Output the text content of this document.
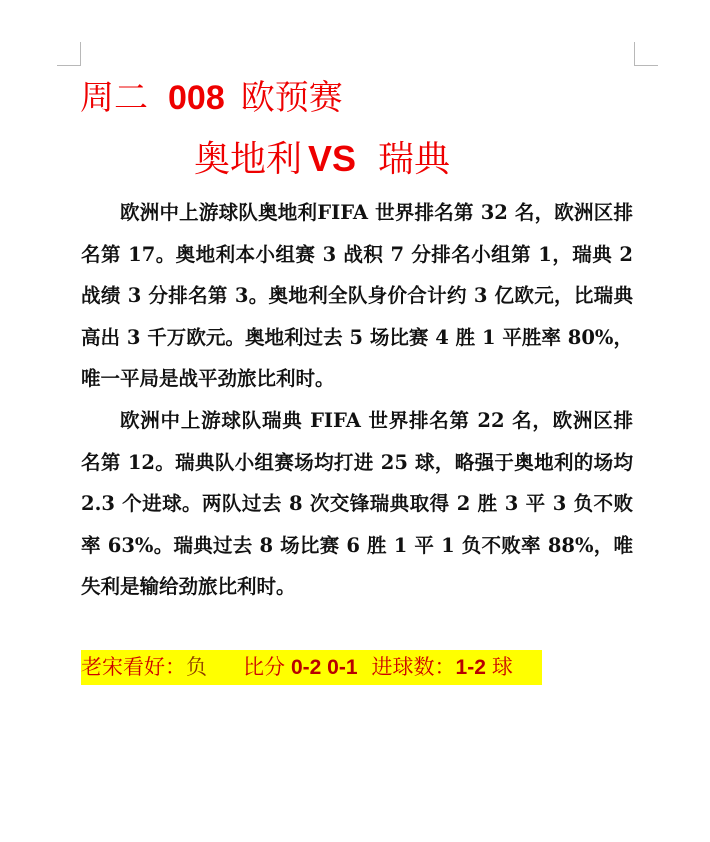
周二 008 欧预赛
奥地利 VS 瑞典

欧洲中上游球队奥地利FIFA 世界排名第 32 名，欧洲区排名第 17。奥地利本小组赛 3 战积 7 分排名小组第 1，瑞典 2 战绩 3 分排名第 3。奥地利全队身价合计约 3 亿欧元，比瑞典高出 3 千万欧元。奥地利过去 5 场比赛 4 胜 1 平胜率 80%，唯一平局是战平劲旅比利时。

欧洲中上游球队瑞典 FIFA 世界排名第 22 名，欧洲区排名第 12。瑞典队小组赛场均打进 25 球，略强于奥地利的场均 2.3 个进球。两队过去 8 次交锋瑞典取得 2 胜 3 平 3 负不败率 63%。瑞典过去 8 场比赛 6 胜 1 平 1 负不败率 88%，唯失利是输给劲旅比利时。

老宋看好：负 比分 0-2 0-1 进球数：1-2 球
